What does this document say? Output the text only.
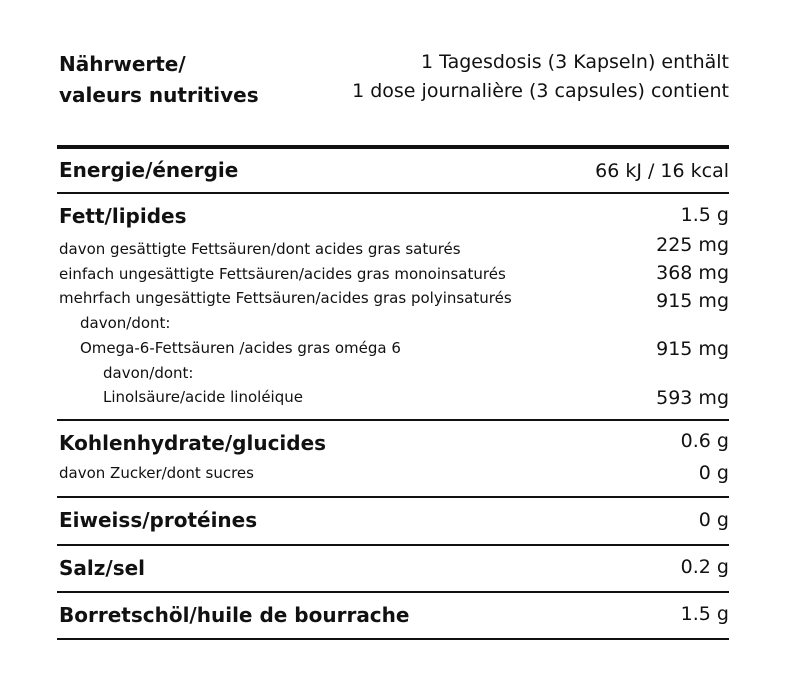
Nährwerte/
valeurs nutritives
1 Tagesdosis (3 Kapseln) enthält
1 dose journalière (3 capsules) contient
Energie/énergie	66 kJ / 16 kcal
Fett/lipides	1.5 g
davon gesättigte Fettsäuren/dont acides gras saturés	225 mg
einfach ungesättigte Fettsäuren/acides gras monoinsaturés	368 mg
mehrfach ungesättigte Fettsäuren/acides gras polyinsaturés	915 mg
davon/dont:
Omega-6-Fettsäuren /acides gras oméga 6	915 mg
davon/dont:
Linolsäure/acide linoléique	593 mg
Kohlenhydrate/glucides	0.6 g
davon Zucker/dont sucres	0 g
Eiweiss/protéines	0 g
Salz/sel	0.2 g
Borretschöl/huile de bourrache	1.5 g
